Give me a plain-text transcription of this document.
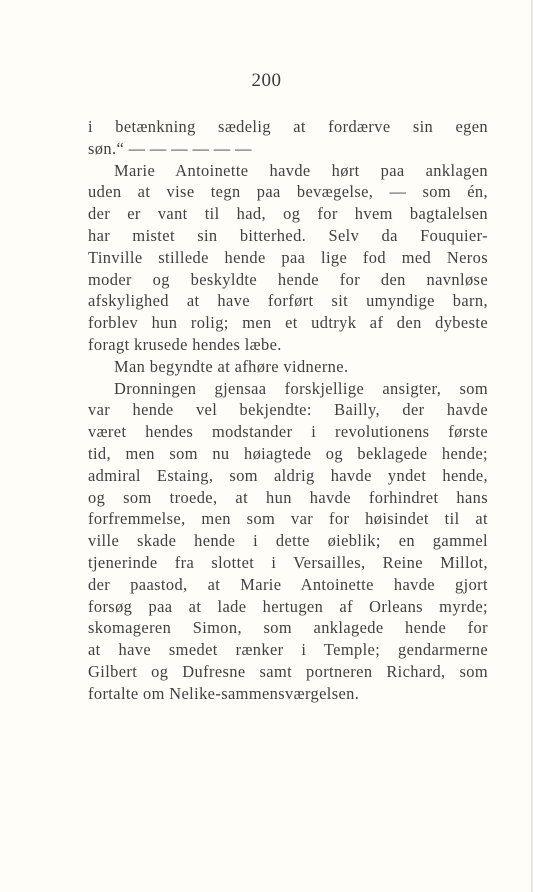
200
i betænkning sædelig at fordærve sin egen
søn.“ — — — — — —
Marie Antoinette havde hørt paa anklagen
uden at vise tegn paa bevægelse, — som én,
der er vant til had, og for hvem bagtalelsen
har mistet sin bitterhed. Selv da Fouquier-
Tinville stillede hende paa lige fod med Neros
moder og beskyldte hende for den navnløse
afskylighed at have forført sit umyndige barn,
forblev hun rolig; men et udtryk af den dybeste
foragt krusede hendes læbe.
Man begyndte at afhøre vidnerne.
Dronningen gjensaa forskjellige ansigter, som
var hende vel bekjendte: Bailly, der havde
været hendes modstander i revolutionens første
tid, men som nu høiagtede og beklagede hende;
admiral Estaing, som aldrig havde yndet hende,
og som troede, at hun havde forhindret hans
forfremmelse, men som var for høisindet til at
ville skade hende i dette øieblik; en gammel
tjenerinde fra slottet i Versailles, Reine Millot,
der paastod, at Marie Antoinette havde gjort
forsøg paa at lade hertugen af Orleans myrde;
skomageren Simon, som anklagede hende for
at have smedet rænker i Temple; gendarmerne
Gilbert og Dufresne samt portneren Richard, som
fortalte om Nelike-sammensværgelsen.
